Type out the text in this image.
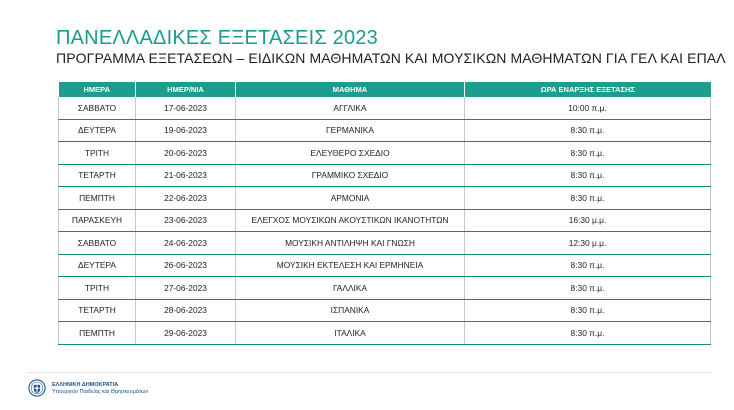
ΠΑΝΕΛΛΑΔΙΚΕΣ ΕΞΕΤΑΣΕΙΣ 2023
ΠΡΟΓΡΑΜΜΑ ΕΞΕΤΑΣΕΩΝ – ΕΙΔΙΚΩΝ ΜΑΘΗΜΑΤΩΝ ΚΑΙ ΜΟΥΣΙΚΩΝ ΜΑΘΗΜΑΤΩΝ ΓΙΑ ΓΕΛ ΚΑΙ ΕΠΑΛ
ΗΜΕΡΑ	ΗΜΕΡ/ΝΙΑ	ΜΑΘΗΜΑ	ΩΡΑ ΕΝΑΡΞΗΣ ΕΞΕΤΑΣΗΣ
ΣΑΒΒΑΤΟ	17-06-2023	ΑΓΓΛΙΚΑ	10:00 π.μ.
ΔΕΥΤΕΡΑ	19-06-2023	ΓΕΡΜΑΝΙΚΑ	8:30 π.μ.
ΤΡΙΤΗ	20-06-2023	ΕΛΕΥΘΕΡΟ ΣΧΕΔΙΟ	8:30 π.μ.
ΤΕΤΑΡΤΗ	21-06-2023	ΓΡΑΜΜΙΚΟ ΣΧΕΔΙΟ	8:30 π.μ.
ΠΕΜΠΤΗ	22-06-2023	ΑΡΜΟΝΙΑ	8:30 π.μ.
ΠΑΡΑΣΚΕΥΗ	23-06-2023	ΕΛΕΓΧΟΣ ΜΟΥΣΙΚΩΝ ΑΚΟΥΣΤΙΚΩΝ ΙΚΑΝΟΤΗΤΩΝ	16:30 μ.μ.
ΣΑΒΒΑΤΟ	24-06-2023	ΜΟΥΣΙΚΗ ΑΝΤΙΛΗΨΗ ΚΑΙ ΓΝΩΣΗ	12:30 μ.μ.
ΔΕΥΤΕΡΑ	26-06-2023	ΜΟΥΣΙΚΗ ΕΚΤΕΛΕΣΗ ΚΑΙ ΕΡΜΗΝΕΙΑ	8:30 π.μ.
ΤΡΙΤΗ	27-06-2023	ΓΑΛΛΙΚΑ	8:30 π.μ.
ΤΕΤΑΡΤΗ	28-06-2023	ΙΣΠΑΝΙΚΑ	8:30 π.μ.
ΠΕΜΠΤΗ	29-06-2023	ΙΤΑΛΙΚΑ	8:30 π.μ.
ΕΛΛΗΝΙΚΗ ΔΗΜΟΚΡΑΤΙΑ
Υπουργείο Παιδείας και Θρησκευμάτων
